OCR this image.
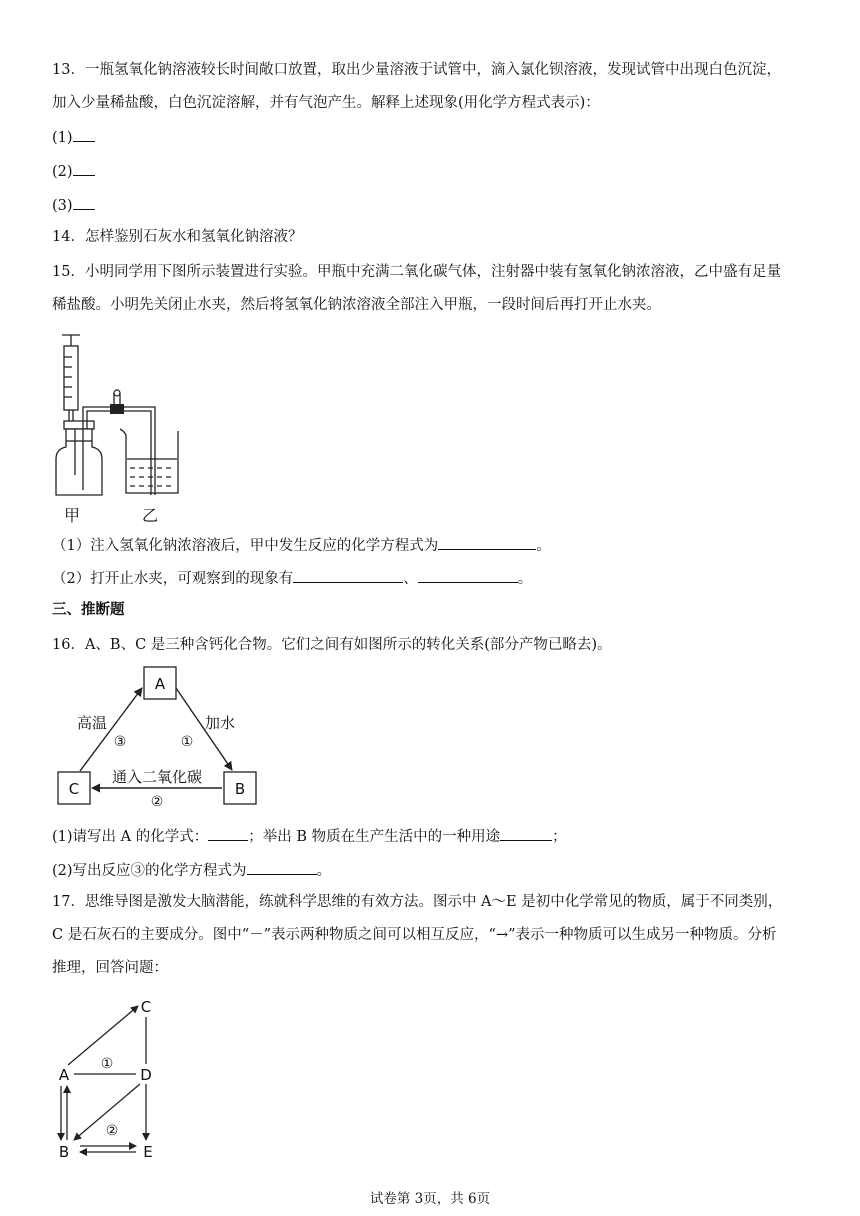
13．一瓶氢氧化钠溶液较长时间敞口放置，取出少量溶液于试管中，滴入氯化钡溶液，发现试管中出现白色沉淀，
加入少量稀盐酸，白色沉淀溶解，并有气泡产生。解释上述现象(用化学方程式表示)：
(1)
(2)
(3)
14．怎样鉴别石灰水和氢氧化钠溶液？
15．小明同学用下图所示装置进行实验。甲瓶中充满二氧化碳气体，注射器中装有氢氧化钠浓溶液，乙中盛有足量
稀盐酸。小明先关闭止水夹，然后将氢氧化钠浓溶液全部注入甲瓶，一段时间后再打开止水夹。
甲	乙
（1）注入氢氧化钠浓溶液后，甲中发生反应的化学方程式为	。
（2）打开止水夹，可观察到的现象有	、	。
三、推断题
16．A、B、C 是三种含钙化合物。它们之间有如图所示的转化关系(部分产物已略去)。
A
C	B
加水
①
通入二氧化碳
②
高温
③
(1)请写出 A 的化学式：	；举出 B 物质在生产生活中的一种用途	；
(2)写出反应③的化学方程式为	。
17．思维导图是激发大脑潜能，练就科学思维的有效方法。图示中 A～E 是初中化学常见的物质，属于不同类别，
C 是石灰石的主要成分。图中“－”表示两种物质之间可以相互反应，“→”表示一种物质可以生成另一种物质。分析
推理，回答问题：
C
A	D
B	E
①
②
试卷第 3页，共 6页
